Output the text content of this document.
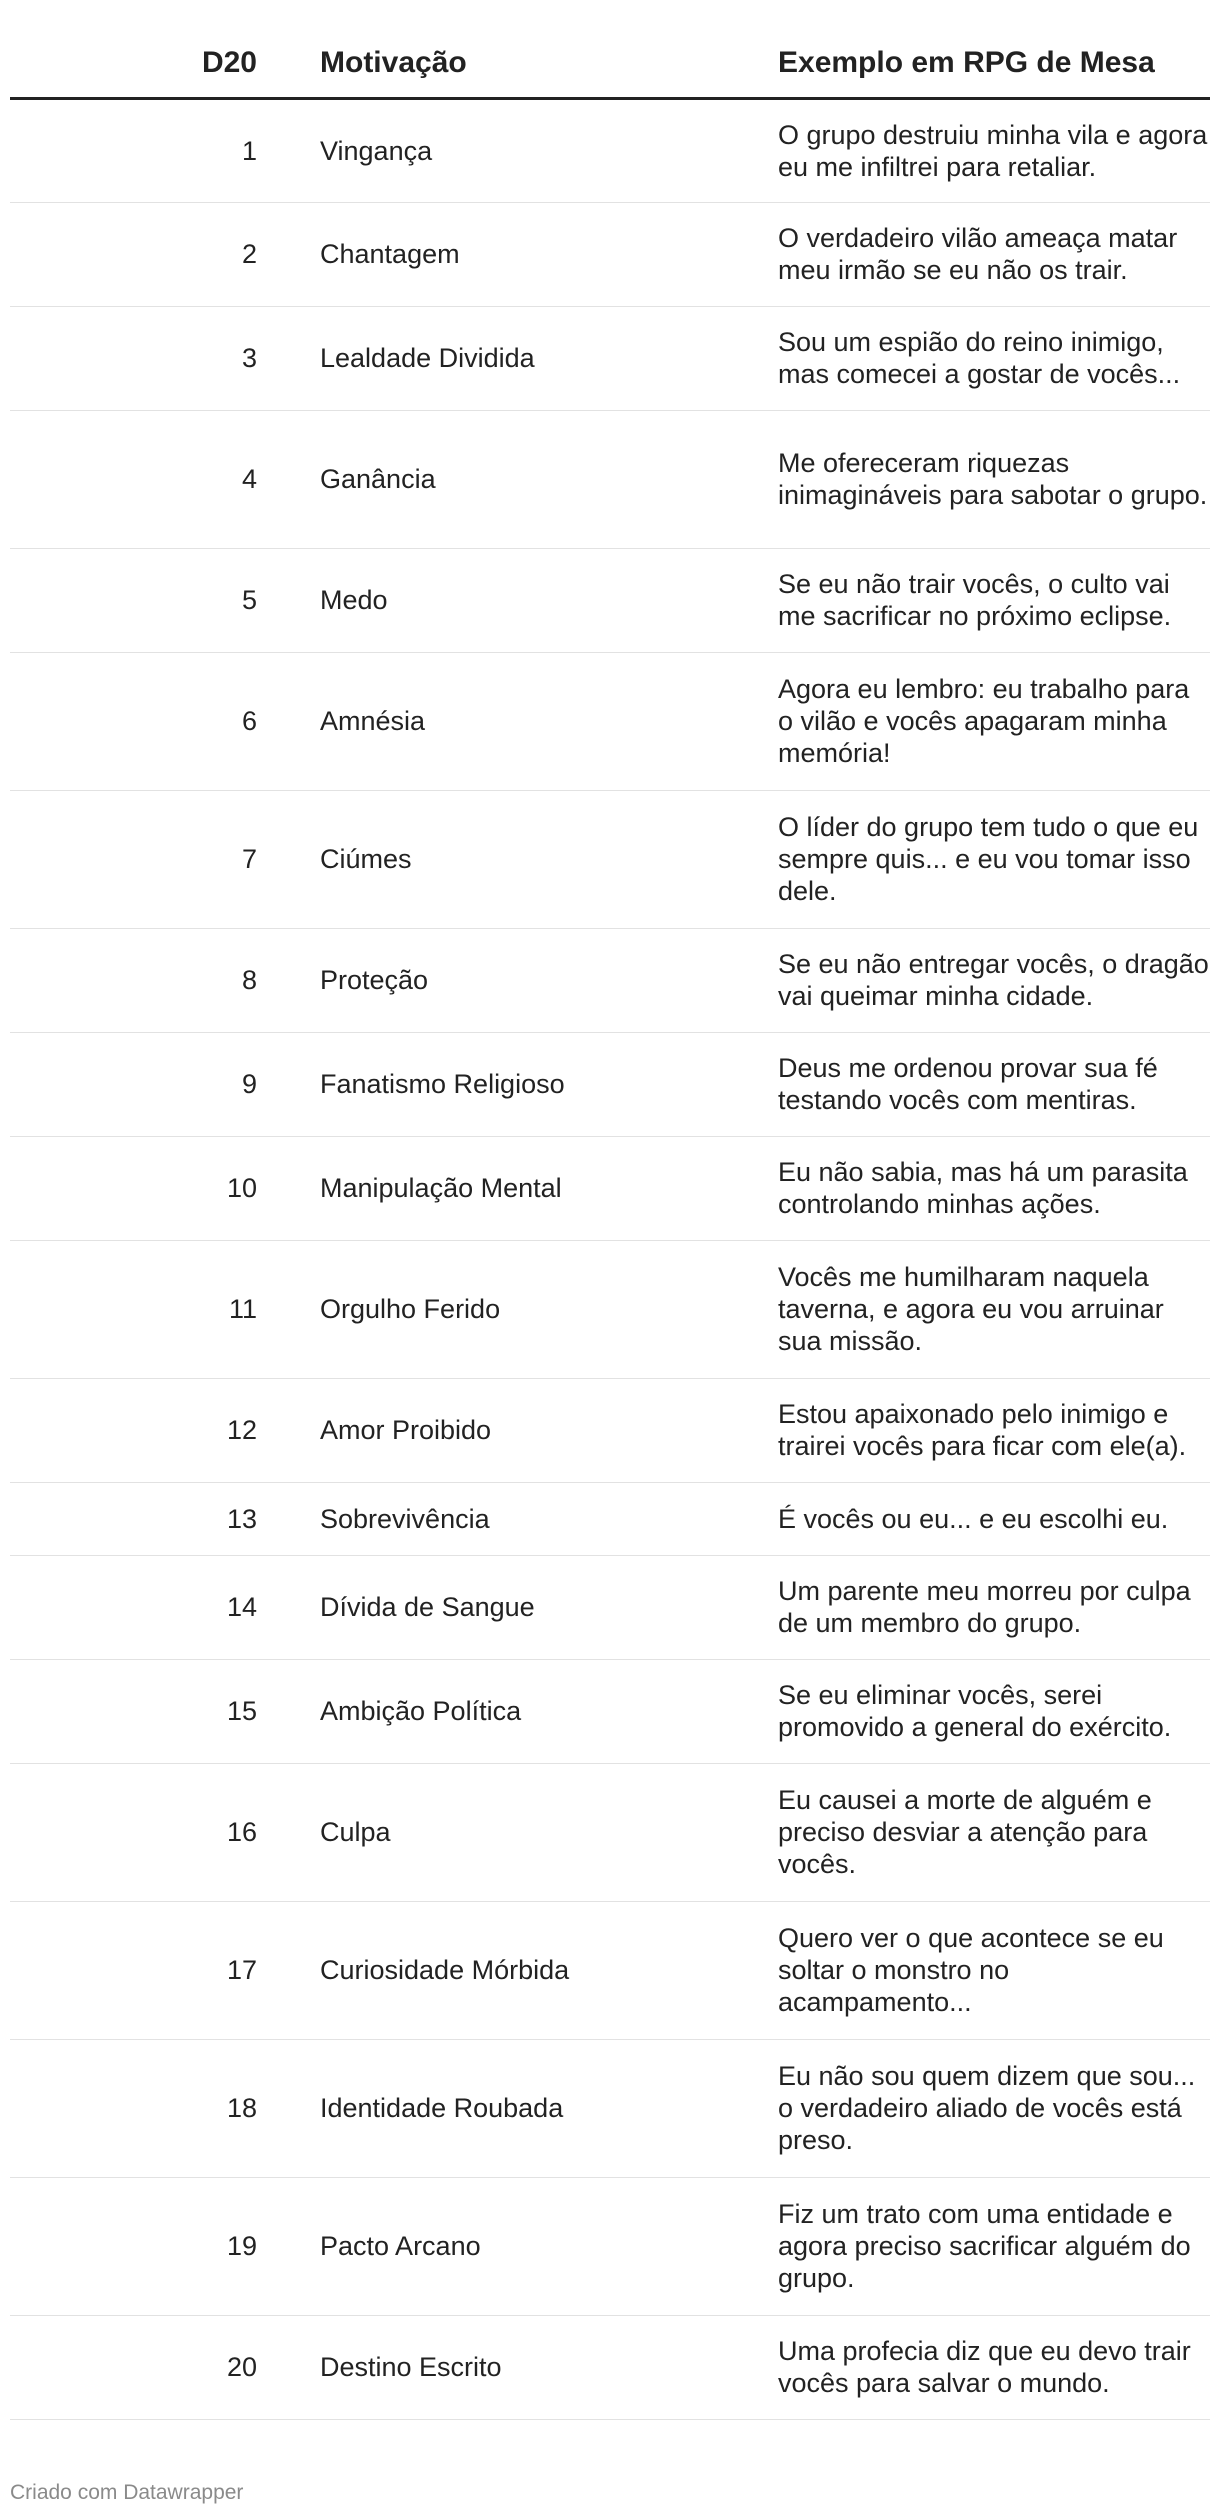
D20		Motivação	Exemplo em RPG de Mesa
1		Vingança	O grupo destruiu minha vila e agora eu me infiltrei para retaliar.
2		Chantagem	O verdadeiro vilão ameaça matar meu irmão se eu não os trair.
3		Lealdade Dividida	Sou um espião do reino inimigo, mas comecei a gostar de vocês...
4		Ganância	Me ofereceram riquezas inimagináveis para sabotar o grupo.
5		Medo	Se eu não trair vocês, o culto vai me sacrificar no próximo eclipse.
6		Amnésia	Agora eu lembro: eu trabalho para o vilão e vocês apagaram minha memória!
7		Ciúmes	O líder do grupo tem tudo o que eu sempre quis... e eu vou tomar isso dele.
8		Proteção	Se eu não entregar vocês, o dragão vai queimar minha cidade.
9		Fanatismo Religioso	Deus me ordenou provar sua fé testando vocês com mentiras.
10		Manipulação Mental	Eu não sabia, mas há um parasita controlando minhas ações.
11		Orgulho Ferido	Vocês me humilharam naquela taverna, e agora eu vou arruinar sua missão.
12		Amor Proibido	Estou apaixonado pelo inimigo e trairei vocês para ficar com ele(a).
13		Sobrevivência	É vocês ou eu... e eu escolhi eu.
14		Dívida de Sangue	Um parente meu morreu por culpa de um membro do grupo.
15		Ambição Política	Se eu eliminar vocês, serei promovido a general do exército.
16		Culpa	Eu causei a morte de alguém e preciso desviar a atenção para vocês.
17		Curiosidade Mórbida	Quero ver o que acontece se eu soltar o monstro no acampamento...
18		Identidade Roubada	Eu não sou quem dizem que sou... o verdadeiro aliado de vocês está preso.
19		Pacto Arcano	Fiz um trato com uma entidade e agora preciso sacrificar alguém do grupo.
20		Destino Escrito	Uma profecia diz que eu devo trair vocês para salvar o mundo.
Criado com Datawrapper
